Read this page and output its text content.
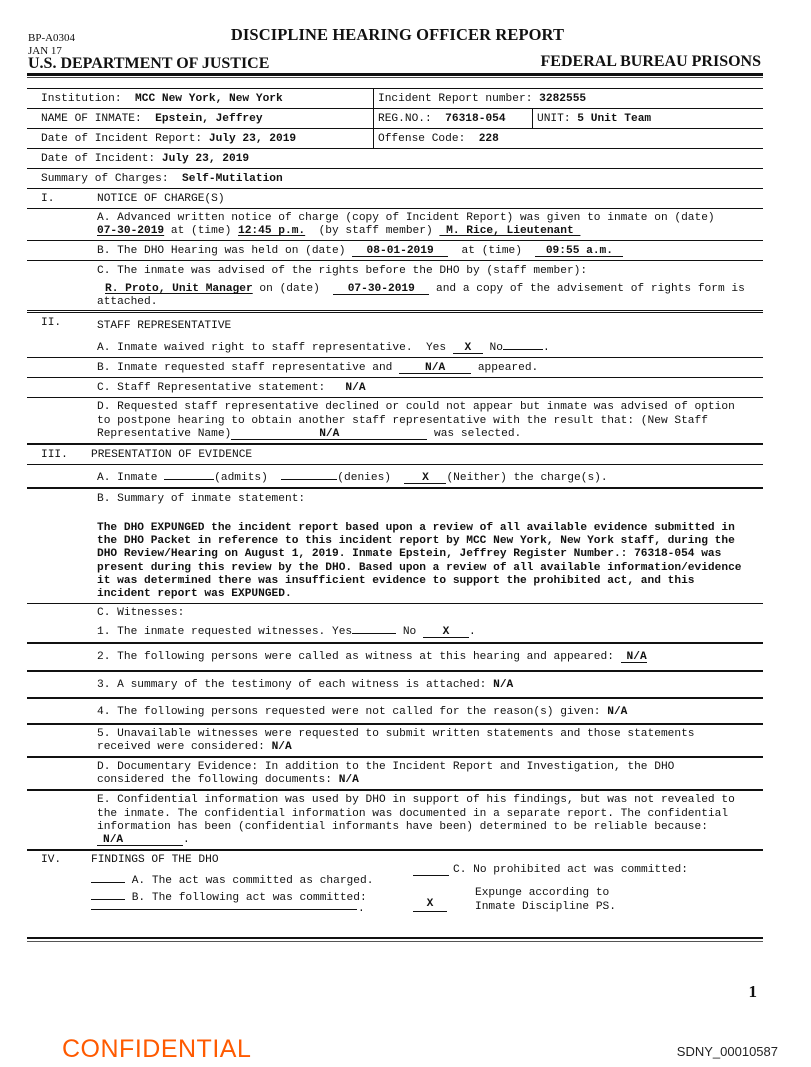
BP-A0304
JAN 17
DISCIPLINE HEARING OFFICER REPORT
U.S. DEPARTMENT OF JUSTICE	FEDERAL BUREAU PRISONS
Institution: MCC New York, New York	Incident Report number: 3282555
NAME OF INMATE: Epstein, Jeffrey	REG.NO.: 76318-054	UNIT: 5 Unit Team
Date of Incident Report: July 23, 2019	Offense Code: 228
Date of Incident: July 23, 2019
Summary of Charges: Self-Mutilation
I.	NOTICE OF CHARGE(S)
A. Advanced written notice of charge (copy of Incident Report) was given to inmate on (date)
07-30-2019 at (time) 12:45 p.m.  (by staff member)  M. Rice, Lieutenant
B. The DHO Hearing was held on (date) 08-01-2019  at (time)  09:55 a.m.
C. The inmate was advised of the rights before the DHO by (staff member):
R. Proto, Unit Manager on (date)  07-30-2019 and a copy of the advisement of rights form is attached.
II.	STAFF REPRESENTATIVE
A. Inmate waived right to staff representative.  Yes X No	.
B. Inmate requested staff representative and N/A appeared.
C. Staff Representative statement:   N/A
D. Requested staff representative declined or could not appear but inmate was advised of option to postpone hearing to obtain another staff representative with the result that: (New Staff Representative Name)	N/A	was selected.
III.	PRESENTATION OF EVIDENCE
A. Inmate	(admits)	(denies)  X (Neither) the charge(s).
B. Summary of inmate statement:
The DHO EXPUNGED the incident report based upon a review of all available evidence submitted in the DHO Packet in reference to this incident report by MCC New York, New York staff, during the DHO Review/Hearing on August 1, 2019. Inmate Epstein, Jeffrey Register Number.: 76318-054 was present during this review by the DHO. Based upon a review of all available information/evidence it was determined there was insufficient evidence to support the prohibited act, and this incident report was EXPUNGED.
C. Witnesses:
1. The inmate requested witnesses. Yes	No X .
2. The following persons were called as witness at this hearing and appeared: N/A
3. A summary of the testimony of each witness is attached: N/A
4. The following persons requested were not called for the reason(s) given: N/A
5. Unavailable witnesses were requested to submit written statements and those statements received were considered: N/A
D. Documentary Evidence: In addition to the Incident Report and Investigation, the DHO considered the following documents: N/A
E. Confidential information was used by DHO in support of his findings, but was not revealed to the inmate. The confidential information was documented in a separate report. The confidential information has been (confidential informants have been) determined to be reliable because: N/A	.
IV.	FINDINGS OF THE DHO
A. The act was committed as charged.
B. The following act was committed:
.
C. No prohibited act was committed:
Expunge according to Inmate Discipline PS.
X
1
CONFIDENTIAL	SDNY_00010587
